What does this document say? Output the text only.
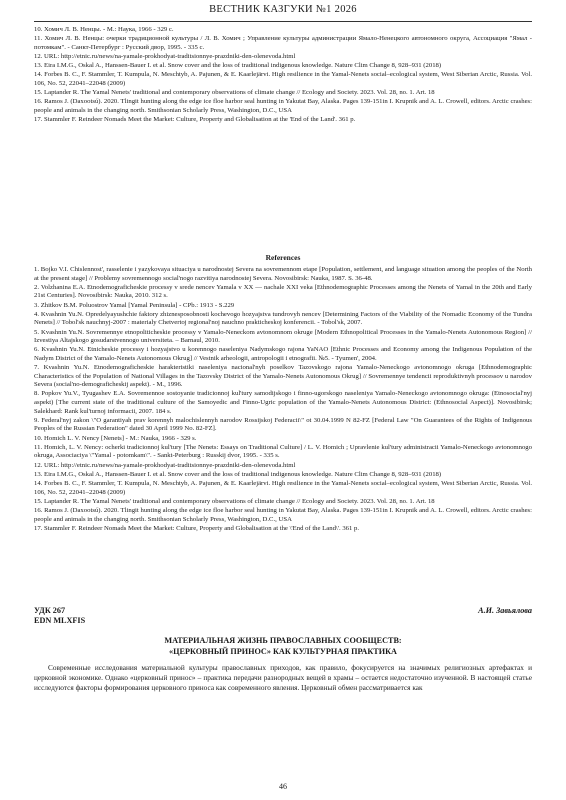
ВЕСТНИК КАЗГУКИ №1 2026

10. Хомич Л. В. Ненцы. - М.: Наука, 1966 - 329 с.

11. Хомич Л. В. Ненцы: очерки традиционной культуры / Л. В. Хомич ; Управление культуры администрации Ямало-Ненецкого автономного округа, Ассоциация "Ямал - потомкам". - Санкт-Петербург : Русский двор, 1995. - 335 с.

12. URL: http://etnic.ru/news/na-yamale-prokhodyat-traditsionnye-prazdniki-den-olenevoda.html

13. Eira I.M.G., Oskal A., Hanssen-Bauer I. et al. Snow cover and the loss of traditional indigenous knowledge. Nature Clim Change 8, 928–931 (2018)

14. Forbes B. C., F. Stammler, T. Kumpula, N. Meschtyb, A. Pajunen, & E. Kaarlejärvi. High resilience in the Yamal-Nenets social–ecological system, West Siberian Arctic, Russia. Vol. 106, No. 52, 22041–22048 (2009)

15. Laptander R. The Yamal Nenets' traditional and contemporary observations of climate change // Ecology and Society. 2023. Vol. 28, no. 1. Art. 18

16. Ramos J. (Daxootsú). 2020. Tlingit hunting along the edge ice floe harbor seal hunting in Yakutat Bay, Alaska. Pages 139-151in I. Krupnik and A. L. Crowell, editors. Arctic crashes: people and animals in the changing north. Smithsonian Scholarly Press, Washington, D.C., USA

17. Stammler F. Reindeer Nomads Meet the Market: Culture, Property and Globalisation at the 'End of the Land'. 361 p.

References

1. Bojko V.I. Chislennost', rasselenie i yazykovaya situaciya u narodnostej Severa na sovremennom etape [Population, settlement, and language situation among the peoples of the North at the present stage] // Problemy sovremennogo social'nogo razvitiya narodnostej Severa. Novosibirsk: Nauka, 1987. S. 36-48.

2. Volzhanina E.A. Etnodemograficheskie processy v srede nencev Yamala v XX — nachale XXI veka [Ethnodemographic Processes among the Nenets of Yamal in the 20th and Early 21st Centuries]. Novosibirsk: Nauka, 2010. 312 s.

3. Zhitkov B.M. Poluostrov Yamal [Yamal Peninsula] - CPb.: 1913 - S.229

4. Kvashnin Yu.N. Opredelyayushchie faktory zhiznesposobnosti kochevogo hozyajstva tundrovyh nencev [Determining Factors of the Viability of the Nomadic Economy of the Tundra Nenets] // Tobol'sk nauchnyj-2007 : materialy Chetvertoj regional'noj nauchno prakticheskoj konferencii. - Tobol'sk, 2007.

5. Kvashnin Yu.N. Sovremennye etnopoliticheskie processy v Yamalo-Neneckom avtonomnom okruge [Modern Ethnopolitical Processes in the Yamalo-Nenets Autonomous Region] // Izvestiya Altajskogo gosudarstvennogo universiteta. – Barnaul, 2010.

6. Kvashnin Yu.N. Etnicheskie processy i hozyajstvo u korennogo naseleniya Nadymskogo rajona YaNAO [Ethnic Processes and Economy among the Indigenous Population of the Nadym District of the Yamalo-Nenets Autonomous Okrug] // Vestnik arheologii, antropologii i etnografii. №5. - Tyumen', 2004.

7. Kvashnin Yu.N. Etnodemograficheskie harakteristiki naseleniya nacional'nyh poselkov Tazovskogo rajona Yamalo-Neneckogo avtonomnogo okruga [Ethnodemographic Characteristics of the Population of National Villages in the Tazovsky District of the Yamalo-Nenets Autonomous Okrug] // Sovremennye tendencii reproduktivnyh processov u narodov Severa (social'no-demograficheskij aspekt). - M., 1996.

8. Popkov Yu.V., Tyugashev E.A. Sovremennoe sostoyanie tradicionnoj kul'tury samodijskogo i finno-ugorskogo naseleniya Yamalo-Neneckogo avtonomnogo okruga: (Etnosocial'nyj aspekt) [The current state of the traditional culture of the Samoyedic and Finno-Ugric population of the Yamalo-Nenets Autonomous District: (Ethnosocial Aspect)]. Novosibirsk; Salekhard: Rank kul'turnoj informacii, 2007. 184 s.

9. Federal'nyj zakon \"O garantiyah prav korennyh malochislennyh narodov Rossijskoj Federacii\" ot 30.04.1999 N 82-FZ [Federal Law "On Guarantees of the Rights of Indigenous Peoples of the Russian Federation" dated 30 April 1999 No. 82-FZ].

10. Homich L. V. Nency [Nenets] - M.: Nauka, 1966 - 329 s.

11. Homich, L. V. Nency: ocherki tradicionnoj kul'tury [The Nenets: Essays on Traditional Culture] / L. V. Homich ; Upravlenie kul'tury administracii Yamalo-Neneckogo avtonomnogo okruga, Associaciya \"Yamal - potomkam\". - Sankt-Peterburg : Russkij dvor, 1995. - 335 s.

12. URL: http://etnic.ru/news/na-yamale-prokhodyat-traditsionnye-prazdniki-den-olenevoda.html

13. Eira I.M.G., Oskal A., Hanssen-Bauer I. et al. Snow cover and the loss of traditional indigenous knowledge. Nature Clim Change 8, 928–931 (2018)

14. Forbes B. C., F. Stammler, T. Kumpula, N. Meschtyb, A. Pajunen, & E. Kaarlejärvi. High resilience in the Yamal-Nenets social–ecological system, West Siberian Arctic, Russia. Vol. 106, No. 52, 22041–22048 (2009)

15. Laptander R. The Yamal Nenets' traditional and contemporary observations of climate change // Ecology and Society. 2023. Vol. 28, no. 1. Art. 18

16. Ramos J. (Daxootsú). 2020. Tlingit hunting along the edge ice floe harbor seal hunting in Yakutat Bay, Alaska. Pages 139-151in I. Krupnik and A. L. Crowell, editors. Arctic crashes: people and animals in the changing north. Smithsonian Scholarly Press, Washington, D.C., USA

17. Stammler F. Reindeer Nomads Meet the Market: Culture, Property and Globalisation at the \'End of the Land\'. 361 p.

УДК 267
EDN MLXFIS
А.И. Завьялова
МАТЕРИАЛЬНАЯ ЖИЗНЬ ПРАВОСЛАВНЫХ СООБЩЕСТВ:
«ЦЕРКОВНЫЙ ПРИНОС» КАК КУЛЬТУРНАЯ ПРАКТИКА

Современные исследования материальной культуры православных приходов, как правило, фокусируется на значимых религиозных артефактах и церковной экономике. Однако «церковный принос» – практика передачи разнородных вещей в храмы – остается недостаточно изученной. В настоящей статье исследуются факторы формирования церковного приноса как современного явления. Церковный обмен рассматривается как

46
